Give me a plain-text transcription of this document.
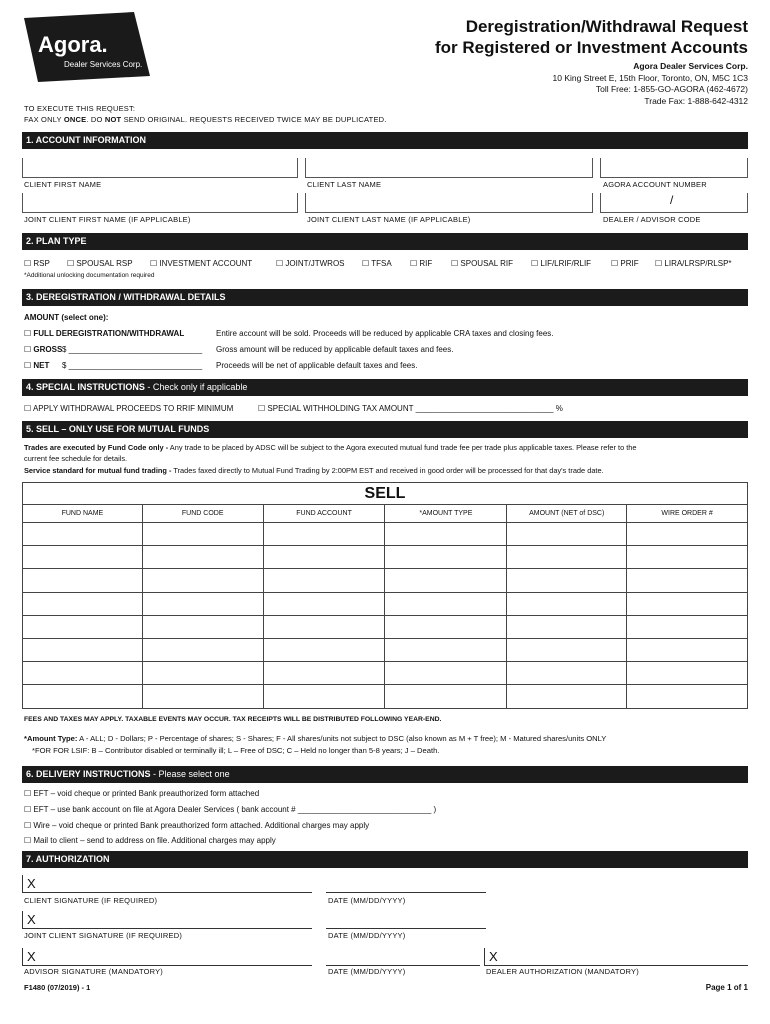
Agora.
Dealer Services Corp.
Deregistration/Withdrawal Request
for Registered or Investment Accounts
Agora Dealer Services Corp.
10 King Street E, 15th Floor, Toronto, ON, M5C 1C3
Toll Free: 1-855-GO-AGORA (462-4672)
Trade Fax: 1-888-642-4312
TO EXECUTE THIS REQUEST:
FAX ONLY ONCE. DO NOT SEND ORIGINAL. REQUESTS RECEIVED TWICE MAY BE DUPLICATED.
1. ACCOUNT INFORMATION
CLIENT FIRST NAME	CLIENT LAST NAME	AGORA ACCOUNT NUMBER
/
JOINT CLIENT FIRST NAME (IF APPLICABLE)	JOINT CLIENT LAST NAME (IF APPLICABLE)	DEALER / ADVISOR CODE
2. PLAN TYPE
☐ RSP ☐ SPOUSAL RSP ☐ INVESTMENT ACCOUNT	☐ JOINT/JTWROS ☐ TFSA ☐ RIF ☐ SPOUSAL RIF ☐ LIF/LRIF/RLIF ☐ PRIF ☐ LIRA/LRSP/RLSP*
*Additional unlocking documentation required
3. DEREGISTRATION / WITHDRAWAL DETAILS
AMOUNT (select one):
☐ FULL DEREGISTRATION/WITHDRAWAL	Entire account will be sold. Proceeds will be reduced by applicable CRA taxes and closing fees.
☐ GROSS $ ______________________________ Gross amount will be reduced by applicable default taxes and fees.
☐ NET $ ______________________________ Proceeds will be net of applicable default taxes and fees.
4. SPECIAL INSTRUCTIONS - Check only if applicable
☐ APPLY WITHDRAWAL PROCEEDS TO RRIF MINIMUM	☐ SPECIAL WITHHOLDING TAX AMOUNT _______________________________ %
5. SELL – ONLY USE FOR MUTUAL FUNDS
Trades are executed by Fund Code only - Any trade to be placed by ADSC will be subject to the Agora executed mutual fund trade fee per trade plus applicable taxes. Please refer to the
current fee schedule for details.
Service standard for mutual fund trading - Trades faxed directly to Mutual Fund Trading by 2:00PM EST and received in good order will be processed for that day's trade date.
SELL
FUND NAME	FUND CODE	FUND ACCOUNT	*AMOUNT TYPE	AMOUNT (NET of DSC)	WIRE ORDER #

FEES AND TAXES MAY APPLY. TAXABLE EVENTS MAY OCCUR. TAX RECEIPTS WILL BE DISTRIBUTED FOLLOWING YEAR-END.
*Amount Type: A - ALL; D - Dollars; P - Percentage of shares; S - Shares; F - All shares/units not subject to DSC (also known as M + T free); M - Matured shares/units ONLY
*FOR FOR LSIF: B – Contributor disabled or terminally ill; L – Free of DSC; C – Held no longer than 5-8 years; J – Death.
6. DELIVERY INSTRUCTIONS - Please select one
☐ EFT – void cheque or printed Bank preauthorized form attached
☐ EFT – use bank account on file at Agora Dealer Services ( bank account # ______________________________ )
☐ Wire – void cheque or printed Bank preauthorized form attached. Additional charges may apply
☐ Mail to client – send to address on file. Additional charges may apply
7. AUTHORIZATION
X
CLIENT SIGNATURE (IF REQUIRED)	DATE (MM/DD/YYYY)
X
JOINT CLIENT SIGNATURE (IF REQUIRED)	DATE (MM/DD/YYYY)
X	X
ADVISOR SIGNATURE (MANDATORY)	DATE (MM/DD/YYYY)	DEALER AUTHORIZATION (MANDATORY)
F1480 (07/2019) - 1	Page 1 of 1
